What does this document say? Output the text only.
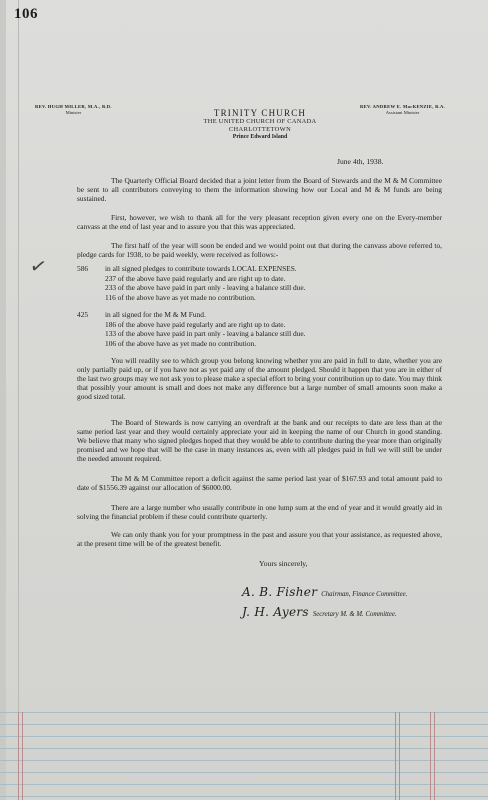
106
REV. HUGH MILLER, M.A., B.D.
Minister	TRINITY CHURCH
THE UNITED CHURCH OF CANADA
CHARLOTTETOWN
Prince Edward Island
REV. ANDREW E. MacKENZIE, B.A.
Assistant Minister
June 4th, 1938.
The Quarterly Official Board decided that a joint letter from the Board of Stewards and the M & M Committee be sent to all contributors conveying to them the information showing how our Local and M & M funds are being sustained.
First, however, we wish to thank all for the very pleasant reception given every one on the Every-member canvass at the end of last year and to assure you that this was appreciated.
The first half of the year will soon be ended and we would point out that during the canvass above referred to, pledge cards for 1938, to be paid weekly, were received as follows:-
✓	586	in all signed pledges to contribute towards LOCAL EXPENSES.
237 of the above have paid regularly and are right up to date.
233 of the above have paid in part only - leaving a balance still due.
116 of the above have as yet made no contribution.
425	in all signed for the M & M Fund.
186 of the above have paid regularly and are right up to date.
133 of the above have paid in part only - leaving a balance still due.
106 of the above have as yet made no contribution.
You will readily see to which group you belong knowing whether you are paid in full to date, whether you are only partially paid up, or if you have not as yet paid any of the amount pledged. Should it happen that you are in either of the last two groups may we not ask you to please make a special effort to bring your contribution up to date. You may think that possibly your amount is small and does not make any difference but a large number of small amounts soon make a good sized total.
The Board of Stewards is now carrying an overdraft at the bank and our receipts to date are less than at the same period last year and they would certainly appreciate your aid in keeping the name of our Church in good standing. We believe that many who signed pledges hoped that they would be able to contribute during the year more than originally promised and we hope that will be the case in many instances as, even with all pledges paid in full we will still be under the needed amount required.
The M & M Committee report a deficit against the same period last year of $167.93 and total amount paid to date of $1556.39 against our allocation of $6000.00.
There are a large number who usually contribute in one lump sum at the end of year and it would greatly aid in solving the financial problem if these could contribute quarterly.
We can only thank you for your promptness in the past and assure you that your assistance, as requested above, at the present time will be of the greatest benefit.
Yours sincerely,
A. B. Fisher Chairman, Finance Committee.
J. H. Ayers Secretary M. & M. Committee.
